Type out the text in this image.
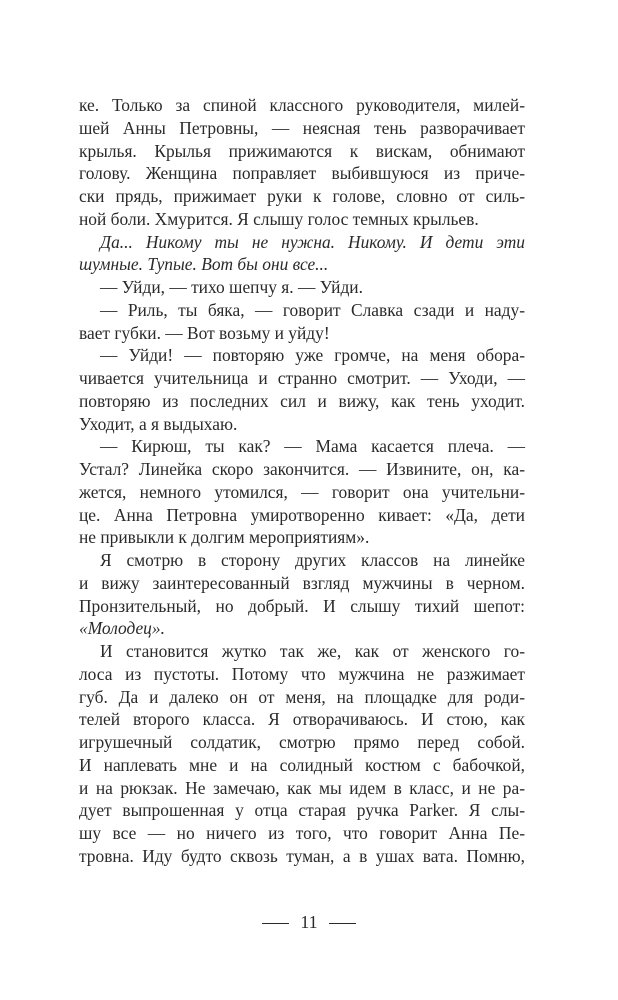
ке. Только за спиной классного руководителя, милей-
шей Анны Петровны, — неясная тень разворачивает
крылья. Крылья прижимаются к вискам, обнимают
голову. Женщина поправляет выбившуюся из приче-
ски прядь, прижимает руки к голове, словно от силь-
ной боли. Хмурится. Я слышу голос темных крыльев.
Да... Никому ты не нужна. Никому. И дети эти
шумные. Тупые. Вот бы они все...
— Уйди, — тихо шепчу я. — Уйди.
— Риль, ты бяка, — говорит Славка сзади и наду-
вает губки. — Вот возьму и уйду!
— Уйди! — повторяю уже громче, на меня обора-
чивается учительница и странно смотрит. — Уходи, —
повторяю из последних сил и вижу, как тень уходит.
Уходит, а я выдыхаю.
— Кирюш, ты как? — Мама касается плеча. —
Устал? Линейка скоро закончится. — Извините, он, ка-
жется, немного утомился, — говорит она учительни-
це. Анна Петровна умиротворенно кивает: «Да, дети
не привыкли к долгим мероприятиям».
Я смотрю в сторону других классов на линейке
и вижу заинтересованный взгляд мужчины в черном.
Пронзительный, но добрый. И слышу тихий шепот:
«Молодец».
И становится жутко так же, как от женского го-
лоса из пустоты. Потому что мужчина не разжимает
губ. Да и далеко он от меня, на площадке для роди-
телей второго класса. Я отворачиваюсь. И стою, как
игрушечный солдатик, смотрю прямо перед собой.
И наплевать мне и на солидный костюм с бабочкой,
и на рюкзак. Не замечаю, как мы идем в класс, и не ра-
дует выпрошенная у отца старая ручка Parker. Я слы-
шу все — но ничего из того, что говорит Анна Пе-
тровна. Иду будто сквозь туман, а в ушах вата. Помню,
11
